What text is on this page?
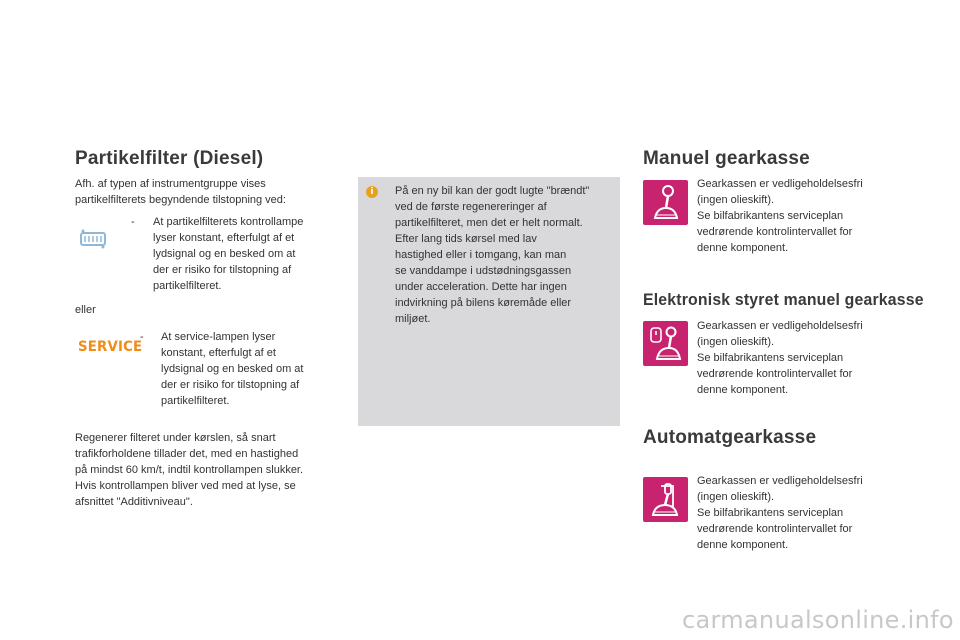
Partikelfilter (Diesel)
Afh. af typen af instrumentgruppe vises
partikelfilterets begyndende tilstopning ved:
- At partikelfilterets kontrollampe
lyser konstant, efterfulgt af et
lydsignal og en besked om at
der er risiko for tilstopning af
partikelfilteret.
eller
SERVICE
- At service-lampen lyser
konstant, efterfulgt af et
lydsignal og en besked om at
der er risiko for tilstopning af
partikelfilteret.
Regenerer filteret under kørslen, så snart
trafikforholdene tillader det, med en hastighed
på mindst 60 km/t, indtil kontrollampen slukker.
Hvis kontrollampen bliver ved med at lyse, se
afsnittet "Additivniveau".
i	På en ny bil kan der godt lugte "brændt"
ved de første regenereringer af
partikelfilteret, men det er helt normalt.
Efter lang tids kørsel med lav
hastighed eller i tomgang, kan man
se vanddampe i udstødningsgassen
under acceleration. Dette har ingen
indvirkning på bilens køremåde eller
miljøet.
Manuel gearkasse
Gearkassen er vedligeholdelsesfri
(ingen olieskift).
Se bilfabrikantens serviceplan
vedrørende kontrolintervallet for
denne komponent.
Elektronisk styret manuel gearkasse
Gearkassen er vedligeholdelsesfri
(ingen olieskift).
Se bilfabrikantens serviceplan
vedrørende kontrolintervallet for
denne komponent.
Automatgearkasse
Gearkassen er vedligeholdelsesfri
(ingen olieskift).
Se bilfabrikantens serviceplan
vedrørende kontrolintervallet for
denne komponent.
carmanualsonline.info
